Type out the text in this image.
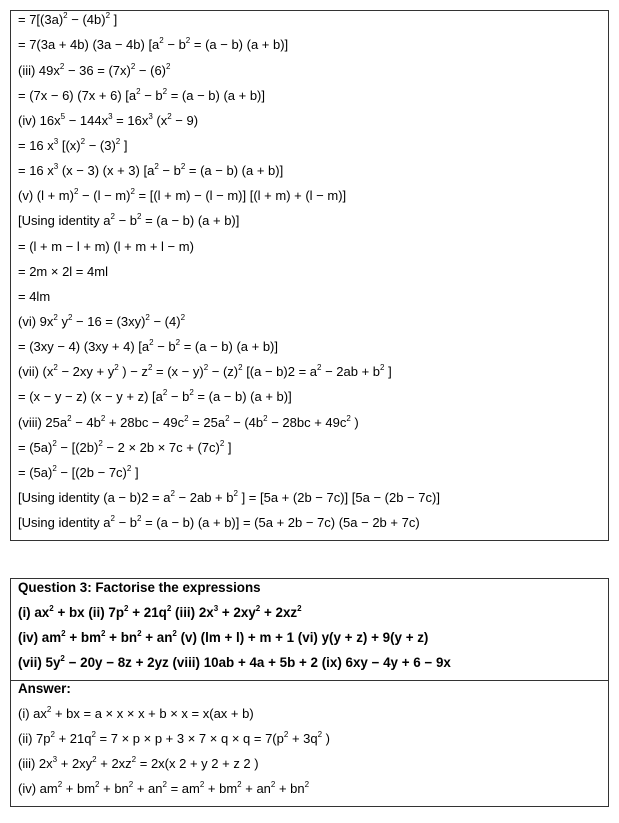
= $7[(3a)^2 - (4b)^2$ ]
= 7(3a + 4b) (3a − 4b) $[a^2 - b^2 = (a - b) (a + b)]$
(iii) $49x^2 - 36 = (7x)^2 - (6)^2$
= (7x − 6) (7x + 6) $[a^2 - b^2 = (a - b) (a + b)]$
(iv) $16x^5 - 144x^3 = 16x^3$ $(x^2 - 9)$
= 16 $x^3$ [$(x)^2 - (3)^2$ ]
= 16 $x^3$ (x − 3) (x + 3) $[a^2 - b^2 = (a - b) (a + b)]$
(v) $(l + m)^2 - (l - m)^2 = [(l + m) - (l - m)] [(l + m) + (l - m)]$
[Using identity $a^2 - b^2 = (a - b) (a + b)$]
= (l + m − l + m) (l + m + l − m)
= 2m × 2l = 4ml
= 4lm
(vi) $9x^2$ $y^2 - 16 = (3xy)^2 - (4)^2$
= (3xy − 4) (3xy + 4) $[a^2 - b^2 = (a - b) (a + b)]$
(vii) ($x^2 - 2xy + y^2$ ) − $z^2 = (x - y)^2 - (z)^2$ [$(a - b)2 = a^2 - 2ab + b^2$ ]
= (x − y − z) (x − y + z) $[a^2 - b^2 = (a - b) (a + b)]$
(viii) $25a^2 - 4b^2 + 28bc - 49c^2 = 25a^2 - (4b^2 - 28bc + 49c^2$ )
= $(5a)^2 - [(2b)^2 - 2 \times 2b \times 7c + (7c)^2$ ]
= $(5a)^2 - [(2b - 7c)^2$ ]
[Using identity $(a - b)2 = a^2 - 2ab + b^2$ ] = [5a + (2b − 7c)] [5a − (2b − 7c)]
[Using identity $a^2 - b^2 = (a - b) (a + b)] = (5a + 2b - 7c) (5a - 2b + 7c)$
Question 3: Factorise the expressions
(i) $ax^2$ + bx (ii) $7p^2 + 21q^2$ (iii) $2x^3 + 2xy^2 + 2xz^2$
(iv) $am^2 + bm^2 + bn^2 + an^2$ (v) (lm + l) + m + 1 (vi) y(y + z) + 9(y + z)
(vii) $5y^2 - 20y - 8z + 2yz$ (viii) 10ab + 4a + 5b + 2 (ix) 6xy − 4y + 6 − 9x
Answer:
(i) $ax^2$ + bx = a × x × x + b × x = x(ax + b)
(ii) $7p^2 + 21q^2 = 7 \times p \times p + 3 \times 7 \times q \times q = 7(p^2 + 3q^2$ )
(iii) $2x^3 + 2xy^2 + 2xz^2 = 2x(x$ 2 + y 2 + z 2 )
(iv) $am^2 + bm^2 + bn^2 + an^2 = am^2 + bm^2 + an^2 + bn^2$
